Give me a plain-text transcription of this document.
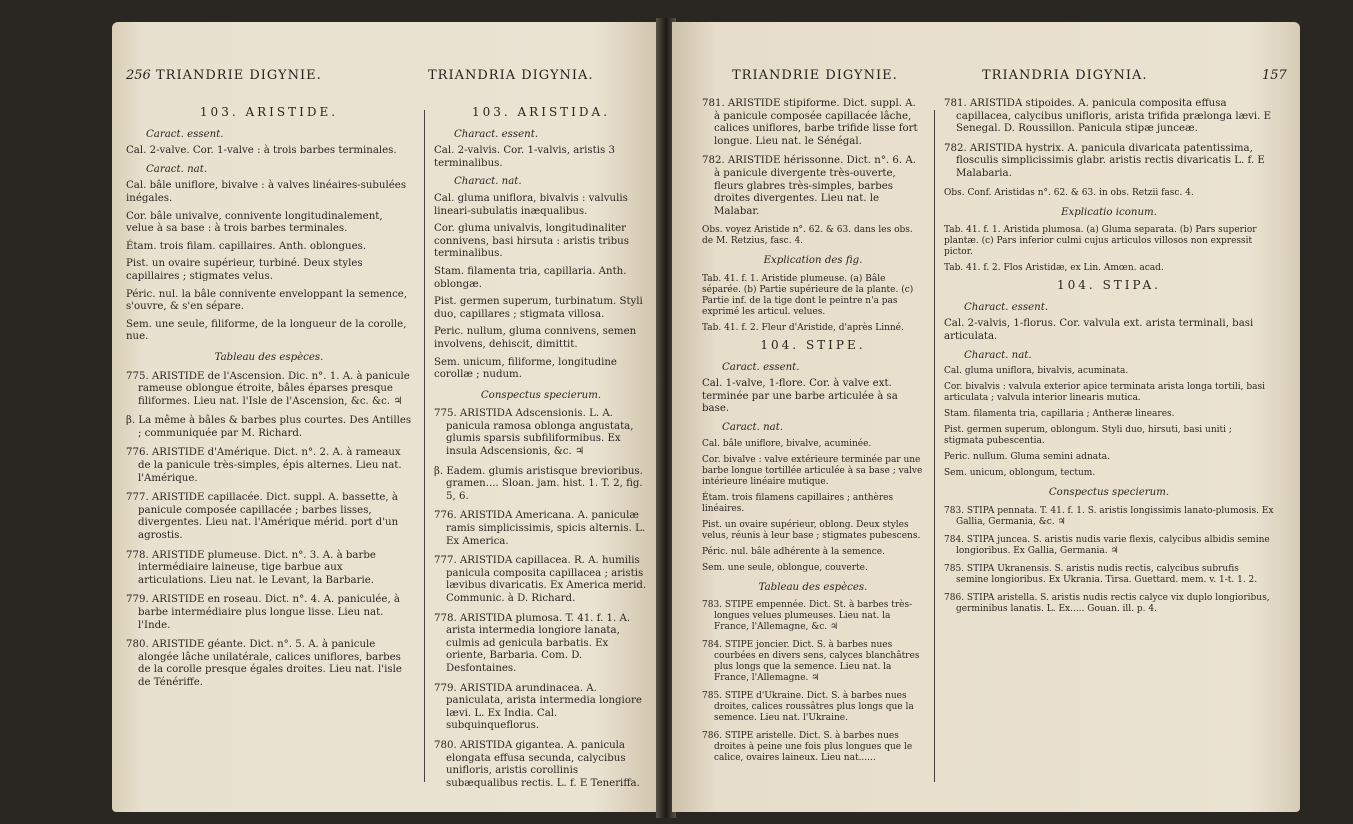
256 TRIANDRIE DIGYNIE.	TRIANDRIA DIGYNIA.
103. ARISTIDE.
Caract. essent.

Cal. 2-valve. Cor. 1-valve : à trois barbes terminales.

Caract. nat.

Cal. bâle uniflore, bivalve : à valves linéaires-subulées inégales.

Cor. bâle univalve, connivente longitudinalement, velue à sa base : à trois barbes terminales.

Étam. trois filam. capillaires. Anth. oblongues.

Pist. un ovaire supérieur, turbiné. Deux styles capillaires ; stigmates velus.

Péric. nul. la bâle connivente enveloppant la semence, s'ouvre, & s'en sépare.

Sem. une seule, filiforme, de la longueur de la corolle, nue.

Tableau des espèces.

775. ARISTIDE de l'Ascension. Dic. n°. 1. A. à panicule rameuse oblongue étroite, bâles éparses presque filiformes. Lieu nat. l'Isle de l'Ascension, &c. &c. ♃

β. La même à bâles & barbes plus courtes. Des Antilles ; communiquée par M. Richard.

776. ARISTIDE d'Amérique. Dict. n°. 2. A. à rameaux de la panicule très-simples, épis alternes. Lieu nat. l'Amérique.

777. ARISTIDE capillacée. Dict. suppl. A. bassette, à panicule composée capillacée ; barbes lisses, divergentes. Lieu nat. l'Amérique mérid. port d'un agrostis.

778. ARISTIDE plumeuse. Dict. n°. 3. A. à barbe intermédiaire laineuse, tige barbue aux articulations. Lieu nat. le Levant, la Barbarie.

779. ARISTIDE en roseau. Dict. n°. 4. A. paniculée, à barbe intermédiaire plus longue lisse. Lieu nat. l'Inde.

780. ARISTIDE géante. Dict. n°. 5. A. à panicule alongée lâche unilatérale, calices uniflores, barbes de la corolle presque égales droites. Lieu nat. l'isle de Ténériffe.

103. ARISTIDA.
Charact. essent.

Cal. 2-valvis. Cor. 1-valvis, aristis 3 terminalibus.

Charact. nat.

Cal. gluma uniflora, bivalvis : valvulis lineari-subulatis inæqualibus.

Cor. gluma univalvis, longitudinaliter connivens, basi hirsuta : aristis tribus terminalibus.

Stam. filamenta tria, capillaria. Anth. oblongæ.

Pist. germen superum, turbinatum. Styli duo, capillares ; stigmata villosa.

Peric. nullum, gluma connivens, semen involvens, dehiscit, dimittit.

Sem. unicum, filiforme, longitudine corollæ ; nudum.

Conspectus specierum.

775. ARISTIDA Adscensionis. L. A. panicula ramosa oblonga angustata, glumis sparsis subfiliformibus. Ex insula Adscensionis, &c. ♃

β. Eadem. glumis aristisque brevioribus. gramen.... Sloan. jam. hist. 1. T. 2, fig. 5, 6.

776. ARISTIDA Americana. A. paniculæ ramis simplicissimis, spicis alternis. L. Ex America.

777. ARISTIDA capillacea. R. A. humilis panicula composita capillacea ; aristis lævibus divaricatis. Ex America merid. Communic. à D. Richard.

778. ARISTIDA plumosa. T. 41. f. 1. A. arista intermedia longiore lanata, culmis ad genicula barbatis. Ex oriente, Barbaria. Com. D. Desfontaines.

779. ARISTIDA arundinacea. A. paniculata, arista intermedia longiore lævi. L. Ex India. Cal. subquinqueflorus.

780. ARISTIDA gigantea. A. panicula elongata effusa secunda, calycibus unifloris, aristis corollinis subæqualibus rectis. L. f. E Teneriffa.

TRIANDRIE DIGYNIE.	TRIANDRIA DIGYNIA.	157

781. ARISTIDE stipiforme. Dict. suppl. A. à panicule composée capillacée lâche, calices uniflores, barbe trifide lisse fort longue. Lieu nat. le Sénégal.

782. ARISTIDE hérissonne. Dict. n°. 6. A. à panicule divergente très-ouverte, fleurs glabres très-simples, barbes droites divergentes. Lieu nat. le Malabar.

Obs. voyez Aristide n°. 62. & 63. dans les obs. de M. Retzius, fasc. 4.

Explication des fig.

Tab. 41. f. 1. Aristide plumeuse. (a) Bâle séparée. (b) Partie supérieure de la plante. (c) Partie inf. de la tige dont le peintre n'a pas exprimé les articul. velues.

Tab. 41. f. 2. Fleur d'Aristide, d'après Linné.

104. STIPE.
Caract. essent.

Cal. 1-valve, 1-flore. Cor. à valve ext. terminée par une barbe articulée à sa base.

Caract. nat.

Cal. bâle uniflore, bivalve, acuminée.

Cor. bivalve : valve extérieure terminée par une barbe longue tortillée articulée à sa base ; valve intérieure linéaire mutique.

Étam. trois filamens capillaires ; anthères linéaires.

Pist. un ovaire supérieur, oblong. Deux styles velus, réunis à leur base ; stigmates pubescens.

Péric. nul. bâle adhérente à la semence.

Sem. une seule, oblongue, couverte.

Tableau des espèces.

783. STIPE empennée. Dict. St. à barbes très-longues velues plumeuses. Lieu nat. la France, l'Allemagne, &c. ♃

784. STIPE joncier. Dict. S. à barbes nues courbées en divers sens, calyces blanchâtres plus longs que la semence. Lieu nat. la France, l'Allemagne. ♃

785. STIPE d'Ukraine. Dict. S. à barbes nues droites, calices roussâtres plus longs que la semence. Lieu nat. l'Ukraine.

786. STIPE aristelle. Dict. S. à barbes nues droites à peine une fois plus longues que le calice, ovaires laineux. Lieu nat......

781. ARISTIDA stipoides. A. panicula composita effusa capillacea, calycibus unifloris, arista trifida prælonga lævi. E Senegal. D. Roussillon. Panicula stipæ junceæ.

782. ARISTIDA hystrix. A. panicula divaricata patentissima, flosculis simplicissimis glabr. aristis rectis divaricatis L. f. E Malabaria.

Obs. Conf. Aristidas n°. 62. & 63. in obs. Retzii fasc. 4.

Explicatio iconum.

Tab. 41. f. 1. Aristida plumosa. (a) Gluma separata. (b) Pars superior plantæ. (c) Pars inferior culmi cujus articulos villosos non expressit pictor.

Tab. 41. f. 2. Flos Aristidæ, ex Lin. Amœn. acad.

104. STIPA.
Charact. essent.

Cal. 2-valvis, 1-florus. Cor. valvula ext. arista terminali, basi articulata.

Charact. nat.

Cal. gluma uniflora, bivalvis, acuminata.

Cor. bivalvis : valvula exterior apice terminata arista longa tortili, basi articulata ; valvula interior linearis mutica.

Stam. filamenta tria, capillaria ; Antheræ lineares.

Pist. germen superum, oblongum. Styli duo, hirsuti, basi uniti ; stigmata pubescentia.

Peric. nullum. Gluma semini adnata.

Sem. unicum, oblongum, tectum.

Conspectus specierum.

783. STIPA pennata. T. 41. f. 1. S. aristis longissimis lanato-plumosis. Ex Gallia, Germania, &c. ♃

784. STIPA juncea. S. aristis nudis varie flexis, calycibus albidis semine longioribus. Ex Gallia, Germania. ♃

785. STIPA Ukranensis. S. aristis nudis rectis, calycibus subrufis semine longioribus. Ex Ukrania. Tirsa. Guettard. mem. v. 1-t. 1. 2.

786. STIPA aristella. S. aristis nudis rectis calyce vix duplo longioribus, germinibus lanatis. L. Ex..... Gouan. ill. p. 4.
